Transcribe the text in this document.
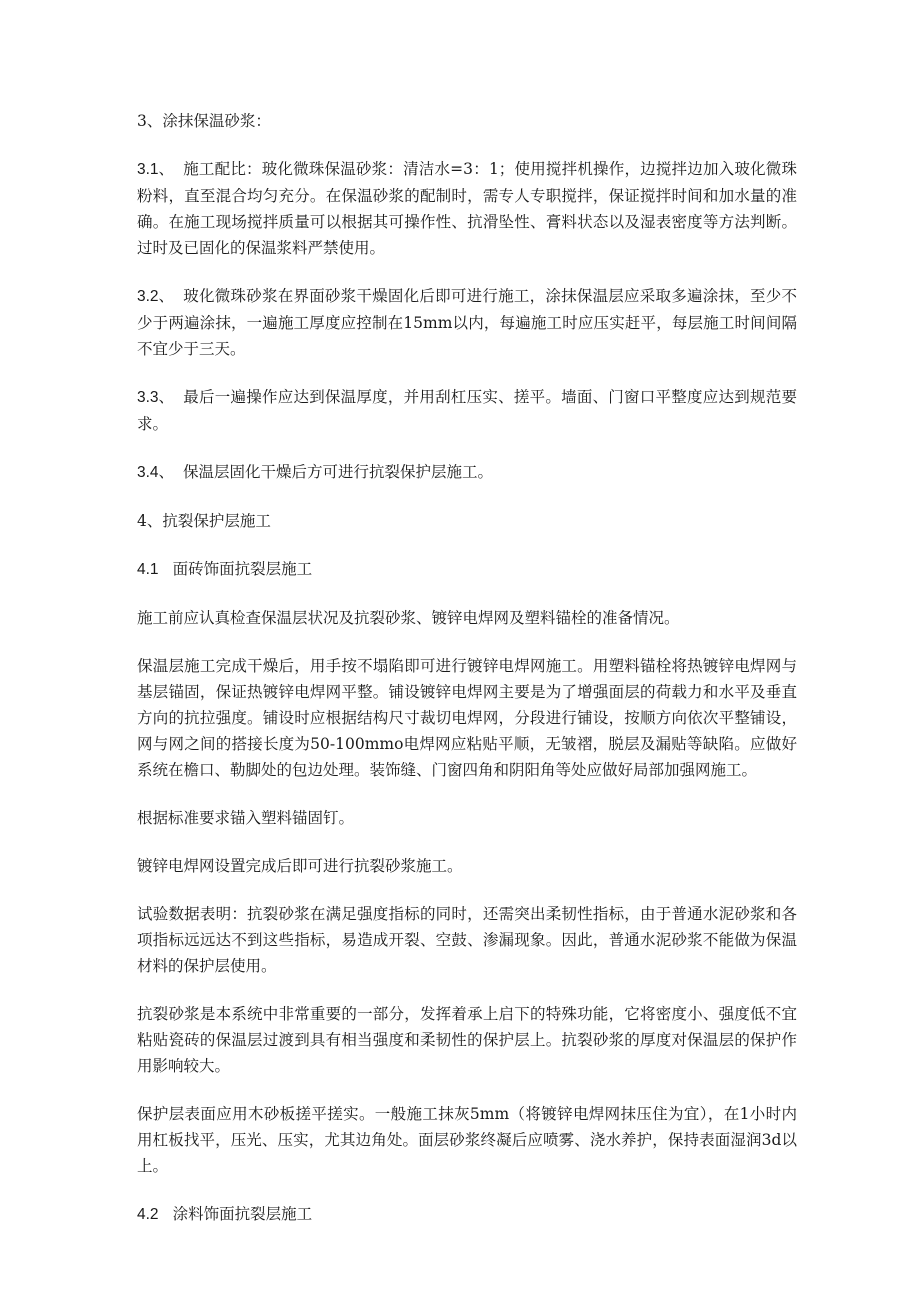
3、涂抹保温砂浆：

3.1、 施工配比：玻化微珠保温砂浆：清洁水=3：1；使用搅拌机操作，边搅拌边加入玻化微珠粉料，直至混合均匀充分。在保温砂浆的配制时，需专人专职搅拌，保证搅拌时间和加水量的准确。在施工现场搅拌质量可以根据其可操作性、抗滑坠性、膏料状态以及湿表密度等方法判断。过时及已固化的保温浆料严禁使用。

3.2、 玻化微珠砂浆在界面砂浆干燥固化后即可进行施工，涂抹保温层应采取多遍涂抹，至少不少于两遍涂抹，一遍施工厚度应控制在15mm以内，每遍施工时应压实赶平，每层施工时间间隔不宜少于三天。

3.3、 最后一遍操作应达到保温厚度，并用刮杠压实、搓平。墙面、门窗口平整度应达到规范要求。

3.4、 保温层固化干燥后方可进行抗裂保护层施工。

4、抗裂保护层施工

4.1 面砖饰面抗裂层施工

施工前应认真检查保温层状况及抗裂砂浆、镀锌电焊网及塑料锚栓的准备情况。

保温层施工完成干燥后，用手按不塌陷即可进行镀锌电焊网施工。用塑料锚栓将热镀锌电焊网与基层锚固，保证热镀锌电焊网平整。铺设镀锌电焊网主要是为了增强面层的荷载力和水平及垂直方向的抗拉强度。铺设时应根据结构尺寸裁切电焊网，分段进行铺设，按顺方向依次平整铺设，网与网之间的搭接长度为50-100mmo电焊网应粘贴平顺，无皱褶，脱层及漏贴等缺陷。应做好系统在檐口、勒脚处的包边处理。装饰缝、门窗四角和阴阳角等处应做好局部加强网施工。

根据标准要求锚入塑料锚固钉。

镀锌电焊网设置完成后即可进行抗裂砂浆施工。

试验数据表明：抗裂砂浆在满足强度指标的同时，还需突出柔韧性指标，由于普通水泥砂浆和各项指标远远达不到这些指标，易造成开裂、空鼓、渗漏现象。因此，普通水泥砂浆不能做为保温材料的保护层使用。

抗裂砂浆是本系统中非常重要的一部分，发挥着承上启下的特殊功能，它将密度小、强度低不宜粘贴瓷砖的保温层过渡到具有相当强度和柔韧性的保护层上。抗裂砂浆的厚度对保温层的保护作用影响较大。

保护层表面应用木砂板搓平搓实。一般施工抹灰5mm（将镀锌电焊网抹压住为宜），在1小时内用杠板找平，压光、压实，尤其边角处。面层砂浆终凝后应喷雾、浇水养护，保持表面湿润3d以上。

4.2 涂料饰面抗裂层施工
